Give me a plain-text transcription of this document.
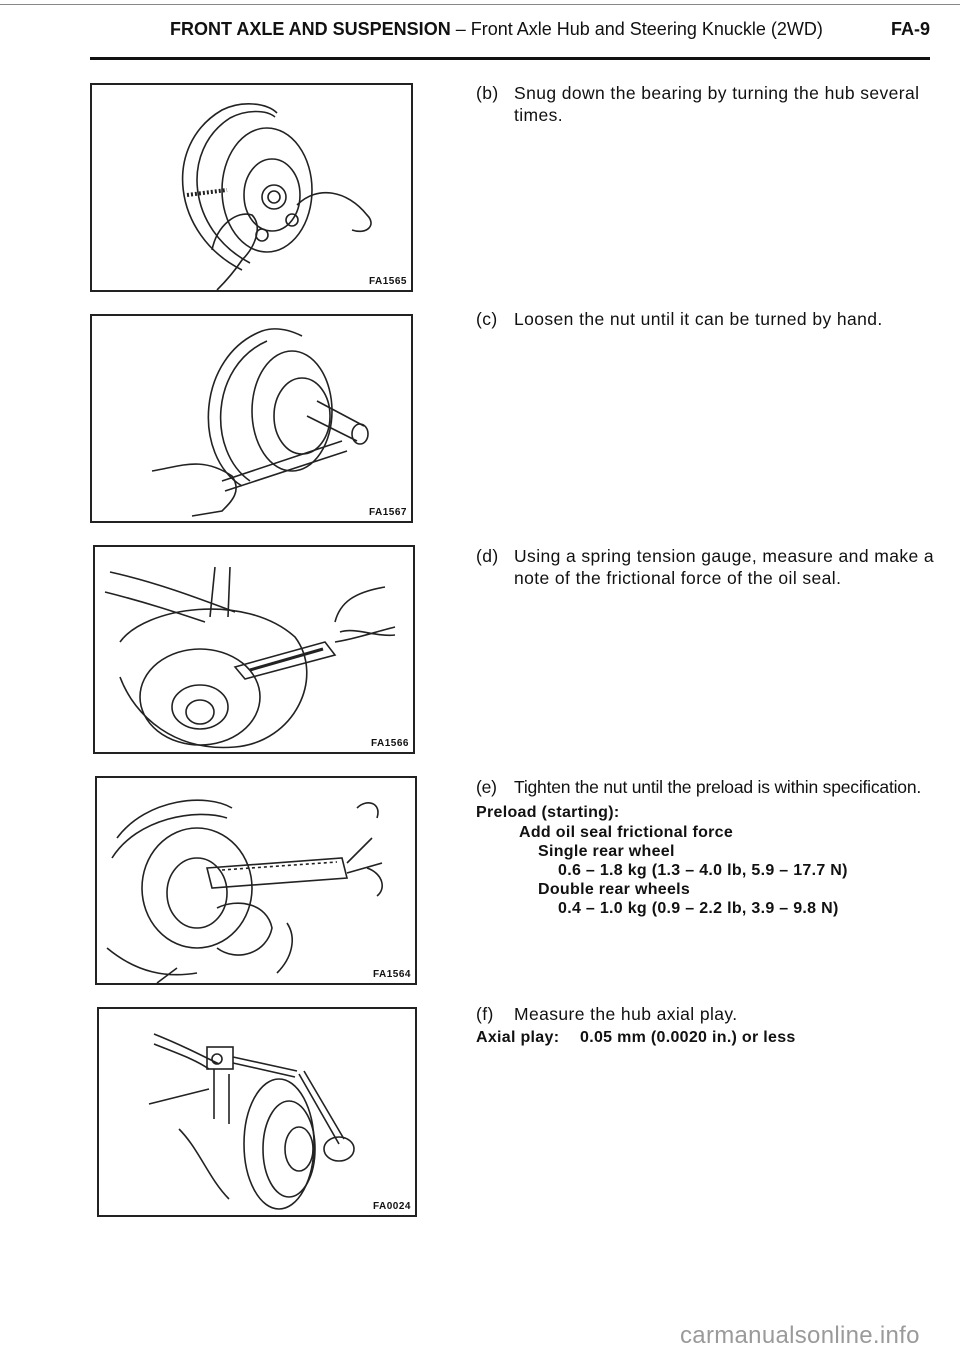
FRONT AXLE AND SUSPENSION – Front Axle Hub and Steering Knuckle (2WD)	FA-9
FA1565
FA1567
FA1566
FA1564
FA0024
(b) Snug down the bearing by turning the hub several
times.
(c) Loosen the nut until it can be turned by hand.
(d) Using a spring tension gauge, measure and make a
note of the frictional force of the oil seal.
(e) Tighten the nut until the preload is within specification.
Preload (starting):
Add oil seal frictional force
Single rear wheel
0.6 – 1.8 kg (1.3 – 4.0 lb, 5.9 – 17.7 N)
Double rear wheels
0.4 – 1.0 kg (0.9 – 2.2 lb, 3.9 – 9.8 N)
(f) Measure the hub axial play.
Axial play: 0.05 mm (0.0020 in.) or less
carmanualsonline.info
